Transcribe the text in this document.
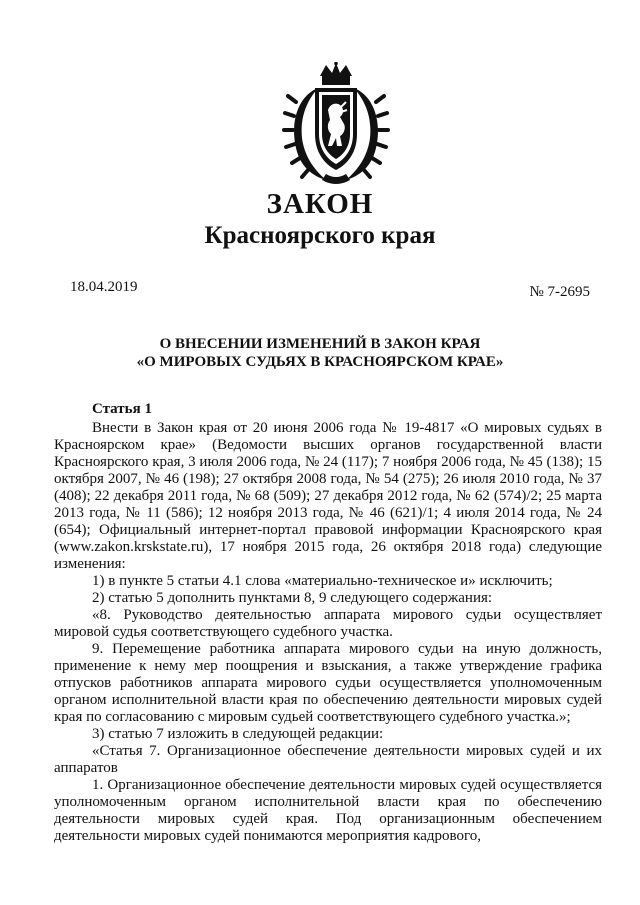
ЗАКОН
Красноярского края

18.04.2019	№ 7-2695

О ВНЕСЕНИИ ИЗМЕНЕНИЙ В ЗАКОН КРАЯ

«О МИРОВЫХ СУДЬЯХ В КРАСНОЯРСКОМ КРАЕ»

Статья 1

Внести в Закон края от 20 июня 2006 года № 19-4817 «О мировых судьях в Красноярском крае» (Ведомости высших органов государственной власти Красноярского края, 3 июля 2006 года, № 24 (117); 7 ноября 2006 года, № 45 (138); 15 октября 2007, № 46 (198); 27 октября 2008 года, № 54 (275); 26 июля 2010 года, № 37 (408); 22 декабря 2011 года, № 68 (509); 27 декабря 2012 года, № 62 (574)/2; 25 марта 2013 года, № 11 (586); 12 ноября 2013 года, № 46 (621)/1; 4 июля 2014 года, № 24 (654); Официальный интернет-портал правовой информации Красноярского края (www.zakon.krskstate.ru), 17 ноября 2015 года, 26 октября 2018 года) следующие изменения:

1) в пункте 5 статьи 4.1 слова «материально-техническое и» исключить;

2) статью 5 дополнить пунктами 8, 9 следующего содержания:

«8. Руководство деятельностью аппарата мирового судьи осуществляет мировой судья соответствующего судебного участка.

9. Перемещение работника аппарата мирового судьи на иную должность, применение к нему мер поощрения и взыскания, а также утверждение графика отпусков работников аппарата мирового судьи осуществляется уполномоченным органом исполнительной власти края по обеспечению деятельности мировых судей края по согласованию с мировым судьей соответствующего судебного участка.»;

3) статью 7 изложить в следующей редакции:

«Статья 7. Организационное обеспечение деятельности мировых судей и их аппаратов

1. Организационное обеспечение деятельности мировых судей осуществляется уполномоченным органом исполнительной власти края по обеспечению деятельности мировых судей края. Под организационным обеспечением деятельности мировых судей понимаются мероприятия кадрового,
